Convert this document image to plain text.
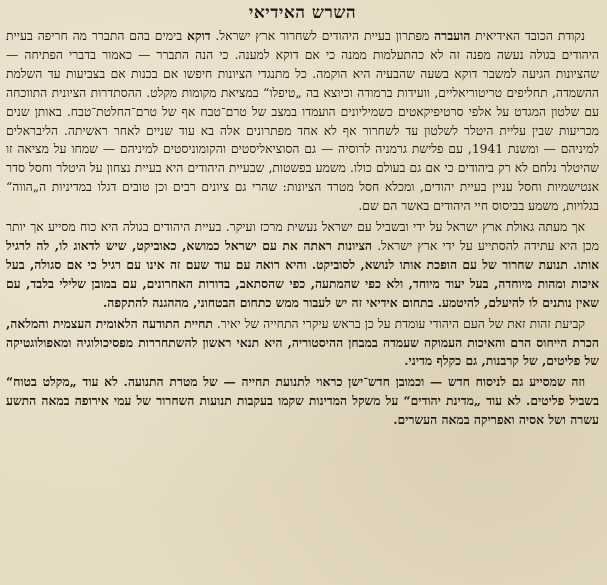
השרש האידיאי

נקודת הכובד האידיאית הועברה מפתרון בעיית היהודים לשחרור ארץ ישראל. דוקא בימים בהם התברר מה חריפה בעיית היהודים בגולה נעשה מפנה זה לא כהתעלמות ממנה כי אם דוקא למענה. כי הנה התברר — כאמור בדברי הפתיחה — שהציונות הגיעה למשבר דוקא בשעה שהבעיה היא הוקמה. כל מתנגדי הציונות חיפשו אם בכנות אם בצביעות עד השלמת ההשמדה, תחליפים טריטוריאליים, וועידות ברמודה וכיוצא בה „טיפלו“ במציאת מקומות מקלט. ההסתדרות הציונית התווכחה עם שלטון המגדט על אלפי סרטיפיקאטים כשמיליונים הועמדו במצב של טרם־טבח אף של טרם־החלטת־טבח. באותן שנים מכריעות שבין עליית היטלר לשלטון עד לשחרור אף לא אחד מפתרונים אלה בא עוד שניים לאחר ראשיתה. הליבראלים למיניהם — ומשנת 1941, עם פלישת גרמניה לרוסיה — גם הסוציאליסטים והקומוניסטים למיניהם — שמחו על מציאה זו שהיטלר נלחם לא רק ביהודים כי אם גם בעולם כולו. משמע בפשטות, שבעיית היהודים היא בעיית נצחון על היטלר וחסל סדר אנטישמיות וחסל עניין בעיית יהודים, ומכלא חסל מטרד הציונות: שהרי גם ציונים רבים וכן טובים דגלו במדיניות ה„הווה“ בגלויות, משמע בביסוס חיי היהודים באשר הם שם.

אך מעתה גאולת ארץ ישראל על ידי ובשביל עם ישראל נעשית מרכז ועיקר. בעיית היהודים בגולה היא כוח מסייע אך יותר מכן היא עתידה להסתייע על ידי ארץ ישראל. הציונות ראתה את עם ישראל כמושא, כאוביקט, שיש לדאוג לו, לה לרגיל אותו. תנועת שחרור של עם הופכת אותו לנושא, לסוביקט. והיא רואה עם עוד שעם זה אינו עם רגיל כי אם סגולה, בעל איכות ומהות מיוחדה, בעל יעוד מיוחד, ולא כפי שהמתעה, כפי שהסתאב, בדורות האחרונים, עם במובן שלילי בלבד, עם שאין נותנים לו להיעלם, להיטמע. בתחום אידיאי זה יש לעבור ממש כתחום הבטחוני, מההגנה להתקפה.

קביעת זהות זאת של העם היהודי עומדת על כן בראש עיקרי התחייה של יאיר. תחיית התודעה הלאומית העצמית והמלאה, הכרת הייחוס הרם והאיכות העמוקה שעמדה במבחן ההיסטוריה, היא תנאי ראשון להשתחררות מפסיכולוגיה ומאפולוגטיקה של פליטים, של קרבנות, גם כקלף מדיני.

וזה שמסייע גם לניסוח חדש — וכמובן חדש־ישן כראוי לתנועת תחייה — של מטרת התנועה. לא עוד „מקלט בטוח“ בשביל פליטים. לא עוד „מדינת יהודים“ על משקל המדינות שקמו בעקבות תנועות השחרור של עמי אירופה במאה התשע עשרה ושל אסיה ואפריקה במאה העשרים.
